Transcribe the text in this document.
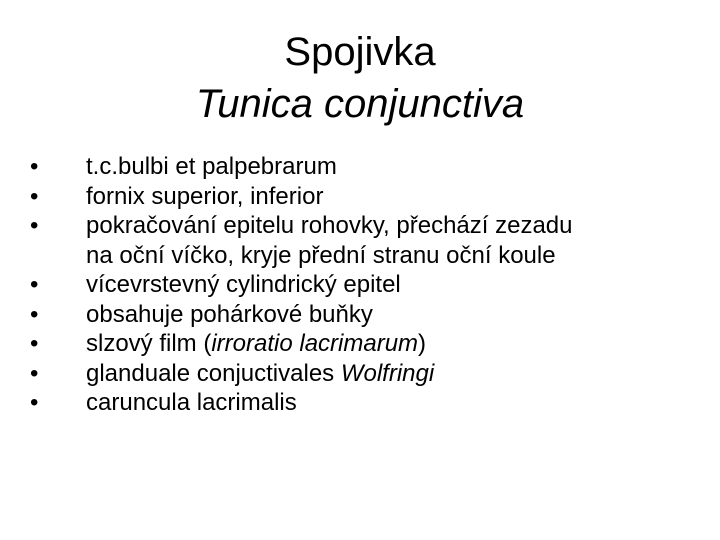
Spojivka
Tunica conjunctiva
•	t.c.bulbi et palpebrarum
•	fornix superior, inferior
•	pokračování epitelu rohovky, přechází zezadu
na oční víčko, kryje přední stranu oční koule
•	vícevrstevný cylindrický epitel
•	obsahuje pohárkové buňky
•	slzový film (irroratio lacrimarum)
•	glanduale conjuctivales Wolfringi
•	caruncula lacrimalis
